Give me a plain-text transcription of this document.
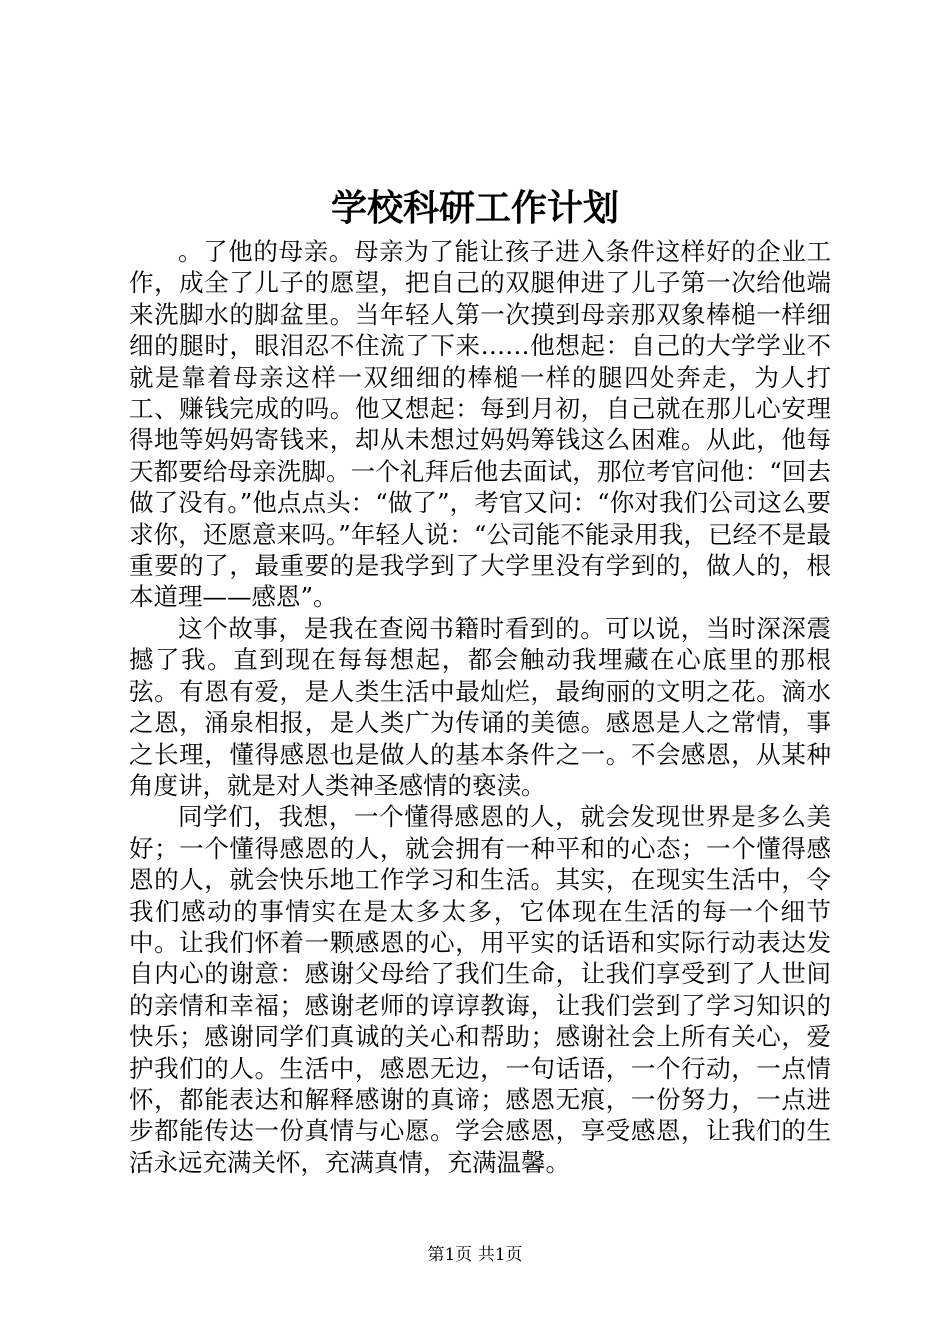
学校科研工作计划

。了他的母亲。母亲为了能让孩子进入条件这样好的企业工作，成全了儿子的愿望，把自己的双腿伸进了儿子第一次给他端来洗脚水的脚盆里。当年轻人第一次摸到母亲那双象棒槌一样细细的腿时，眼泪忍不住流了下来……他想起：自己的大学学业不就是靠着母亲这样一双细细的棒槌一样的腿四处奔走，为人打工、赚钱完成的吗。他又想起：每到月初，自己就在那儿心安理得地等妈妈寄钱来，却从未想过妈妈筹钱这么困难。从此，他每天都要给母亲洗脚。一个礼拜后他去面试，那位考官问他：“回去做了没有。”他点点头：“做了”，考官又问：“你对我们公司这么要求你，还愿意来吗。”年轻人说：“公司能不能录用我，已经不是最重要的了，最重要的是我学到了大学里没有学到的，做人的，根本道理——感恩”。

这个故事，是我在查阅书籍时看到的。可以说，当时深深震撼了我。直到现在每每想起，都会触动我埋藏在心底里的那根弦。有恩有爱，是人类生活中最灿烂，最绚丽的文明之花。滴水之恩，涌泉相报，是人类广为传诵的美德。感恩是人之常情，事之长理，懂得感恩也是做人的基本条件之一。不会感恩，从某种角度讲，就是对人类神圣感情的亵渎。

同学们，我想，一个懂得感恩的人，就会发现世界是多么美好；一个懂得感恩的人，就会拥有一种平和的心态；一个懂得感恩的人，就会快乐地工作学习和生活。其实，在现实生活中，令我们感动的事情实在是太多太多，它体现在生活的每一个细节中。让我们怀着一颗感恩的心，用平实的话语和实际行动表达发自内心的谢意：感谢父母给了我们生命，让我们享受到了人世间的亲情和幸福；感谢老师的谆谆教诲，让我们尝到了学习知识的快乐；感谢同学们真诚的关心和帮助；感谢社会上所有关心，爱护我们的人。生活中，感恩无边，一句话语，一个行动，一点情怀，都能表达和解释感谢的真谛；感恩无痕，一份努力，一点进步都能传达一份真情与心愿。学会感恩，享受感恩，让我们的生活永远充满关怀，充满真情，充满温馨。

第1页 共1页
